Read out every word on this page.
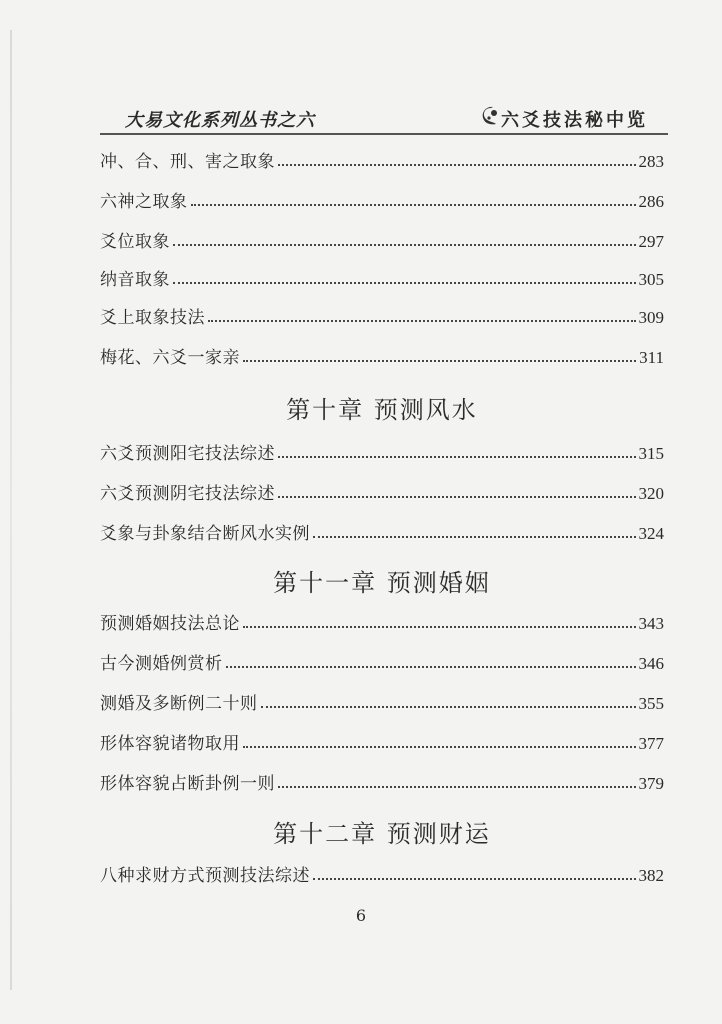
大易文化系列丛书之六	六爻技法秘中览
冲、合、刑、害之取象	283
六神之取象	286
爻位取象	297
纳音取象	305
爻上取象技法	309
梅花、六爻一家亲	311
第十章 预测风水
六爻预测阳宅技法综述	315
六爻预测阴宅技法综述	320
爻象与卦象结合断风水实例	324
第十一章 预测婚姻
预测婚姻技法总论	343
古今测婚例赏析	346
测婚及多断例二十则	355
形体容貌诸物取用	377
形体容貌占断卦例一则	379
第十二章 预测财运
八种求财方式预测技法综述	382
6
